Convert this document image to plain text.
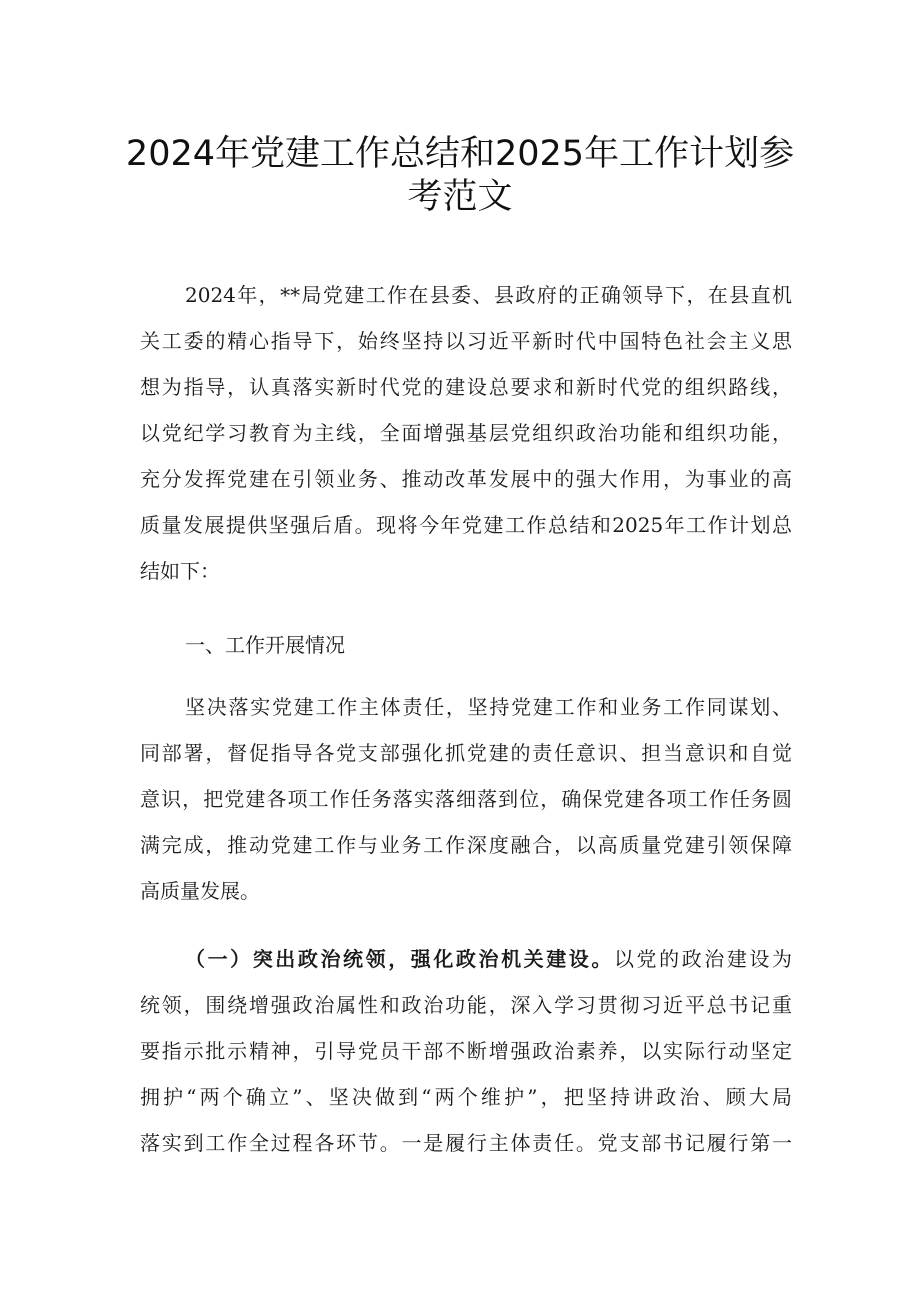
2024年党建工作总结和2025年工作计划参
考范文
2024年，**局党建工作在县委、县政府的正确领导下，在县直机
关工委的精心指导下，始终坚持以习近平新时代中国特色社会主义思
想为指导，认真落实新时代党的建设总要求和新时代党的组织路线，
以党纪学习教育为主线，全面增强基层党组织政治功能和组织功能，
充分发挥党建在引领业务、推动改革发展中的强大作用，为事业的高
质量发展提供坚强后盾。现将今年党建工作总结和2025年工作计划总
结如下：
一、工作开展情况
坚决落实党建工作主体责任，坚持党建工作和业务工作同谋划、
同部署，督促指导各党支部强化抓党建的责任意识、担当意识和自觉
意识，把党建各项工作任务落实落细落到位，确保党建各项工作任务圆
满完成，推动党建工作与业务工作深度融合，以高质量党建引领保障
高质量发展。
（一）突出政治统领，强化政治机关建设。以党的政治建设为
统领，围绕增强政治属性和政治功能，深入学习贯彻习近平总书记重
要指示批示精神，引导党员干部不断增强政治素养，以实际行动坚定
拥护“两个确立”、坚决做到“两个维护”，把坚持讲政治、顾大局
落实到工作全过程各环节。一是履行主体责任。党支部书记履行第一
